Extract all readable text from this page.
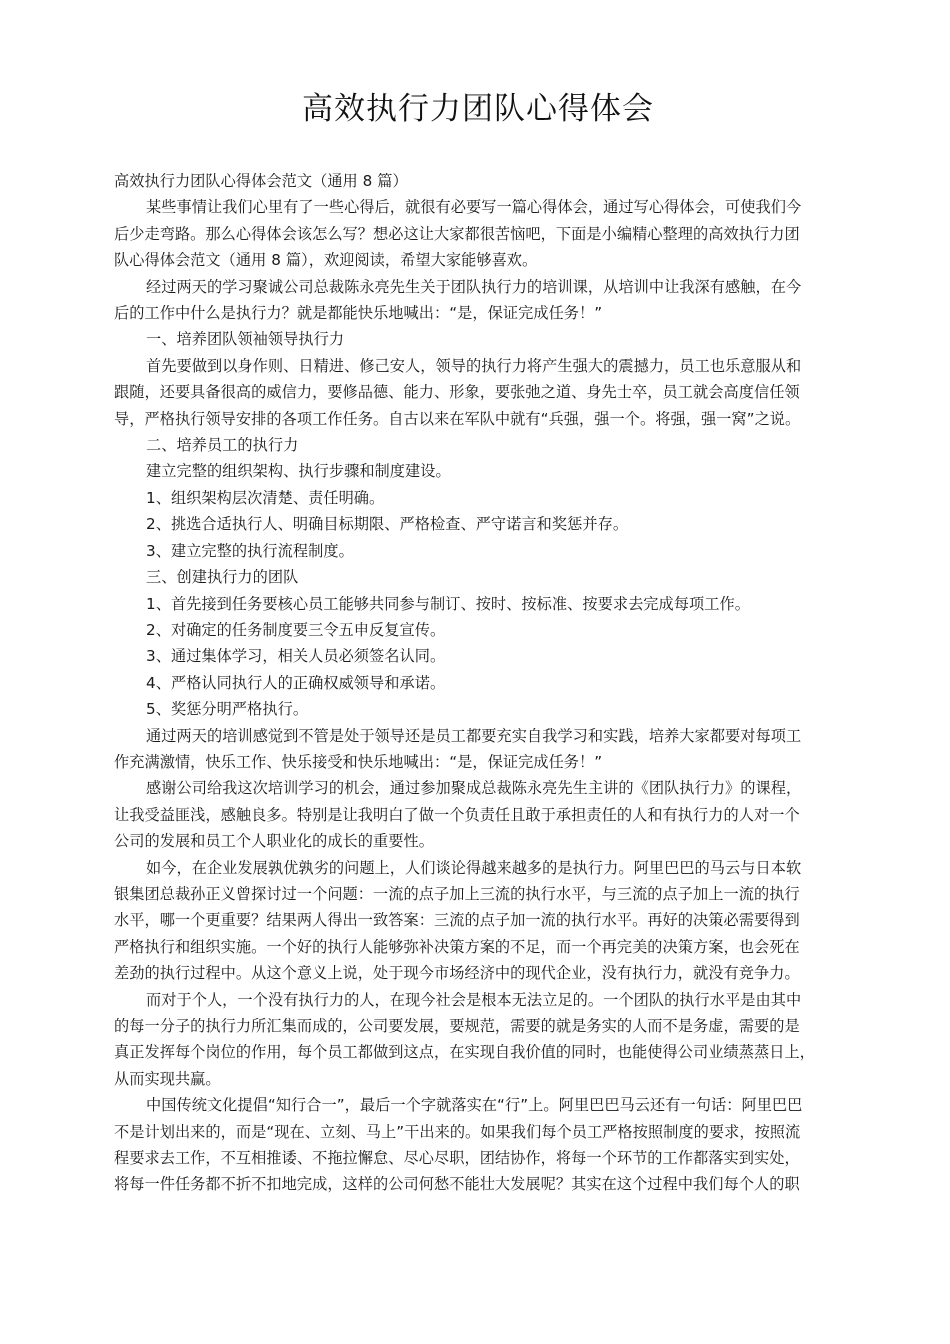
高效执行力团队心得体会

高效执行力团队心得体会范文（通用 8 篇）

某些事情让我们心里有了一些心得后，就很有必要写一篇心得体会，通过写心得体会，可使我们今

后少走弯路。那么心得体会该怎么写？想必这让大家都很苦恼吧，下面是小编精心整理的高效执行力团

队心得体会范文（通用 8 篇），欢迎阅读，希望大家能够喜欢。

经过两天的学习聚诚公司总裁陈永亮先生关于团队执行力的培训课，从培训中让我深有感触，在今

后的工作中什么是执行力？就是都能快乐地喊出：“是，保证完成任务！”

一、培养团队领袖领导执行力

首先要做到以身作则、日精进、修己安人，领导的执行力将产生强大的震撼力，员工也乐意服从和

跟随，还要具备很高的威信力，要修品德、能力、形象，要张弛之道、身先士卒，员工就会高度信任领

导，严格执行领导安排的各项工作任务。自古以来在军队中就有“兵强，强一个。将强，强一窝”之说。

二、培养员工的执行力

建立完整的组织架构、执行步骤和制度建设。

1、组织架构层次清楚、责任明确。

2、挑选合适执行人、明确目标期限、严格检查、严守诺言和奖惩并存。

3、建立完整的执行流程制度。

三、创建执行力的团队

1、首先接到任务要核心员工能够共同参与制订、按时、按标准、按要求去完成每项工作。

2、对确定的任务制度要三令五申反复宣传。

3、通过集体学习，相关人员必须签名认同。

4、严格认同执行人的正确权威领导和承诺。

5、奖惩分明严格执行。

通过两天的培训感觉到不管是处于领导还是员工都要充实自我学习和实践，培养大家都要对每项工

作充满激情，快乐工作、快乐接受和快乐地喊出：“是，保证完成任务！”

感谢公司给我这次培训学习的机会，通过参加聚成总裁陈永亮先生主讲的《团队执行力》的课程，

让我受益匪浅，感触良多。特别是让我明白了做一个负责任且敢于承担责任的人和有执行力的人对一个

公司的发展和员工个人职业化的成长的重要性。

如今，在企业发展孰优孰劣的问题上，人们谈论得越来越多的是执行力。阿里巴巴的马云与日本软

银集团总裁孙正义曾探讨过一个问题：一流的点子加上三流的执行水平，与三流的点子加上一流的执行

水平，哪一个更重要？结果两人得出一致答案：三流的点子加一流的执行水平。再好的决策必需要得到

严格执行和组织实施。一个好的执行人能够弥补决策方案的不足，而一个再完美的决策方案，也会死在

差劲的执行过程中。从这个意义上说，处于现今市场经济中的现代企业，没有执行力，就没有竞争力。

而对于个人，一个没有执行力的人，在现今社会是根本无法立足的。一个团队的执行水平是由其中

的每一分子的执行力所汇集而成的，公司要发展，要规范，需要的就是务实的人而不是务虚，需要的是

真正发挥每个岗位的作用，每个员工都做到这点，在实现自我价值的同时，也能使得公司业绩蒸蒸日上，

从而实现共赢。

中国传统文化提倡“知行合一”，最后一个字就落实在“行”上。阿里巴巴马云还有一句话：阿里巴巴

不是计划出来的，而是“现在、立刻、马上”干出来的。如果我们每个员工严格按照制度的要求，按照流

程要求去工作，不互相推诿、不拖拉懈怠、尽心尽职，团结协作，将每一个环节的工作都落实到实处，

将每一件任务都不折不扣地完成，这样的公司何愁不能壮大发展呢？其实在这个过程中我们每个人的职
